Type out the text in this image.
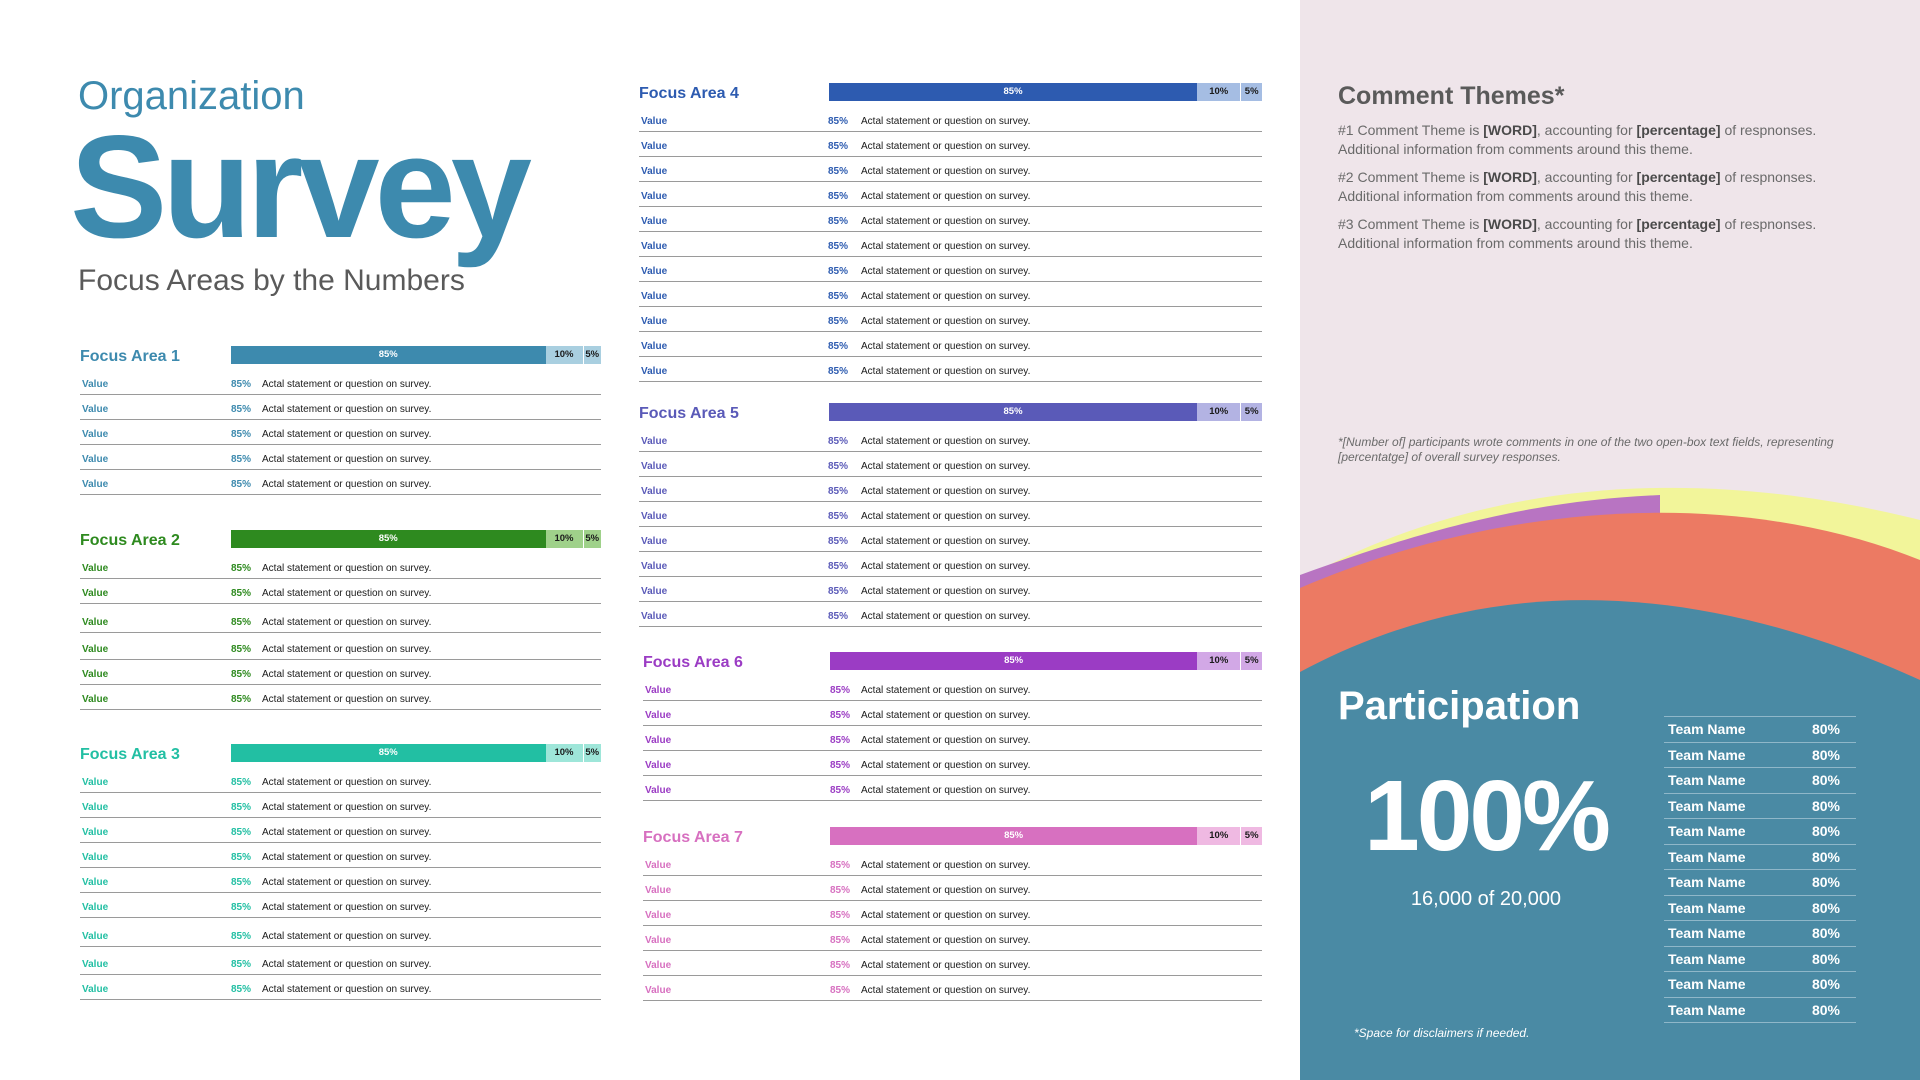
Organization
Survey
Focus Areas by the Numbers
Focus Area 1	85%	10%	5%
Value	85% Actal statement or question on survey.
Value	85% Actal statement or question on survey.
Value	85% Actal statement or question on survey.
Value	85% Actal statement or question on survey.
Value	85% Actal statement or question on survey.
Focus Area 2	85%	10%	5%
Value	85% Actal statement or question on survey.
Value	85% Actal statement or question on survey.
Value	85% Actal statement or question on survey.
Value	85% Actal statement or question on survey.
Value	85% Actal statement or question on survey.
Value	85% Actal statement or question on survey.
Focus Area 3	85%	10%	5%
Value	85% Actal statement or question on survey.
Value	85% Actal statement or question on survey.
Value	85% Actal statement or question on survey.
Value	85% Actal statement or question on survey.
Value	85% Actal statement or question on survey.
Value	85% Actal statement or question on survey.
Value	85% Actal statement or question on survey.
Value	85% Actal statement or question on survey.
Value	85% Actal statement or question on survey.
Focus Area 4	85%	10%	5%
Value	85% Actal statement or question on survey.
Value	85% Actal statement or question on survey.
Value	85% Actal statement or question on survey.
Value	85% Actal statement or question on survey.
Value	85% Actal statement or question on survey.
Value	85% Actal statement or question on survey.
Value	85% Actal statement or question on survey.
Value	85% Actal statement or question on survey.
Value	85% Actal statement or question on survey.
Value	85% Actal statement or question on survey.
Value	85% Actal statement or question on survey.
Focus Area 5	85%	10%	5%
Value	85% Actal statement or question on survey.
Value	85% Actal statement or question on survey.
Value	85% Actal statement or question on survey.
Value	85% Actal statement or question on survey.
Value	85% Actal statement or question on survey.
Value	85% Actal statement or question on survey.
Value	85% Actal statement or question on survey.
Value	85% Actal statement or question on survey.
Focus Area 6	85%	10%	5%
Value	85% Actal statement or question on survey.
Value	85% Actal statement or question on survey.
Value	85% Actal statement or question on survey.
Value	85% Actal statement or question on survey.
Value	85% Actal statement or question on survey.
Focus Area 7	85%	10%	5%
Value	85% Actal statement or question on survey.
Value	85% Actal statement or question on survey.
Value	85% Actal statement or question on survey.
Value	85% Actal statement or question on survey.
Value	85% Actal statement or question on survey.
Value	85% Actal statement or question on survey.
Comment Themes*
#1 Comment Theme is [WORD], accounting for [percentage] of respnonses. Additional information from comments around this theme.
#2 Comment Theme is [WORD], accounting for [percentage] of respnonses. Additional information from comments around this theme.
#3 Comment Theme is [WORD], accounting for [percentage] of respnonses. Additional information from comments around this theme.
*[Number of] participants wrote comments in one of the two open-box text fields, representing [percentatge] of overall survey responses.
Participation
100%
16,000 of 20,000
Team Name	80%
Team Name	80%
Team Name	80%
Team Name	80%
Team Name	80%
Team Name	80%
Team Name	80%
Team Name	80%
Team Name	80%
Team Name	80%
Team Name	80%
Team Name	80%
*Space for disclaimers if needed.
